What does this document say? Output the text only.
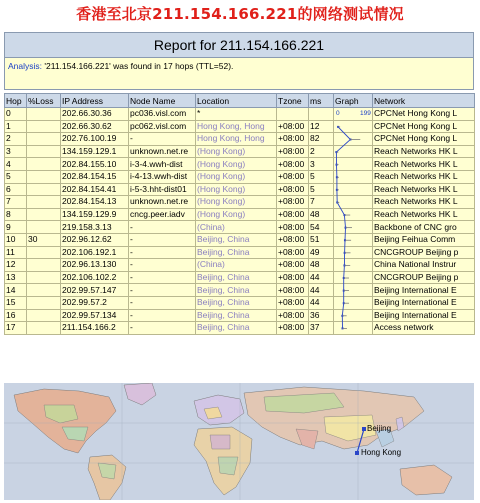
香港至北京211.154.166.221的网络测试情况
Report for 211.154.166.221
Analysis: '211.154.166.221' was found in 17 hops (TTL=52).
Hop	%Loss	IP Address	Node Name	Location	Tzone	ms	Graph	Network
0		202.66.30.36	pc036.visl.com	*				CPCNet Hong Kong L
1		202.66.30.62	pc062.visl.com	Hong Kong, Hong	+08:00	12		CPCNet Hong Kong L
2		202.76.100.19	-	Hong Kong, Hong	+08:00	82		CPCNet Hong Kong L
3		134.159.129.1	unknown.net.re	(Hong Kong)	+08:00	2		Reach Networks HK L
4		202.84.155.10	i-3-4.wwh-dist	(Hong Kong)	+08:00	3		Reach Networks HK L
5		202.84.154.15	i-4-13.wwh-dist	(Hong Kong)	+08:00	5		Reach Networks HK L
6		202.84.154.41	i-5-3.hht-dist01	(Hong Kong)	+08:00	5		Reach Networks HK L
7		202.84.154.13	unknown.net.re	(Hong Kong)	+08:00	7		Reach Networks HK L
8		134.159.129.9	cncg.peer.iadv	(Hong Kong)	+08:00	48		Reach Networks HK L
9		219.158.3.13	-	(China)	+08:00	54		Backbone of CNC gro
10	30	202.96.12.62	-	Beijing, China	+08:00	51		Beijing Feihua Comm
11		202.106.192.1	-	Beijing, China	+08:00	49		CNCGROUP Beijing p
12		202.96.13.130	-	(China)	+08:00	48		China National Instrur
13		202.106.102.2	-	Beijing, China	+08:00	44		CNCGROUP Beijing p
14		202.99.57.147	-	Beijing, China	+08:00	44		Beijing International E
15		202.99.57.2	-	Beijing, China	+08:00	44		Beijing International E
16		202.99.57.134	-	Beijing, China	+08:00	36		Beijing International E
17		211.154.166.2	-	Beijing, China	+08:00	37		Access network
Beijing
Hong Kong
0	199
